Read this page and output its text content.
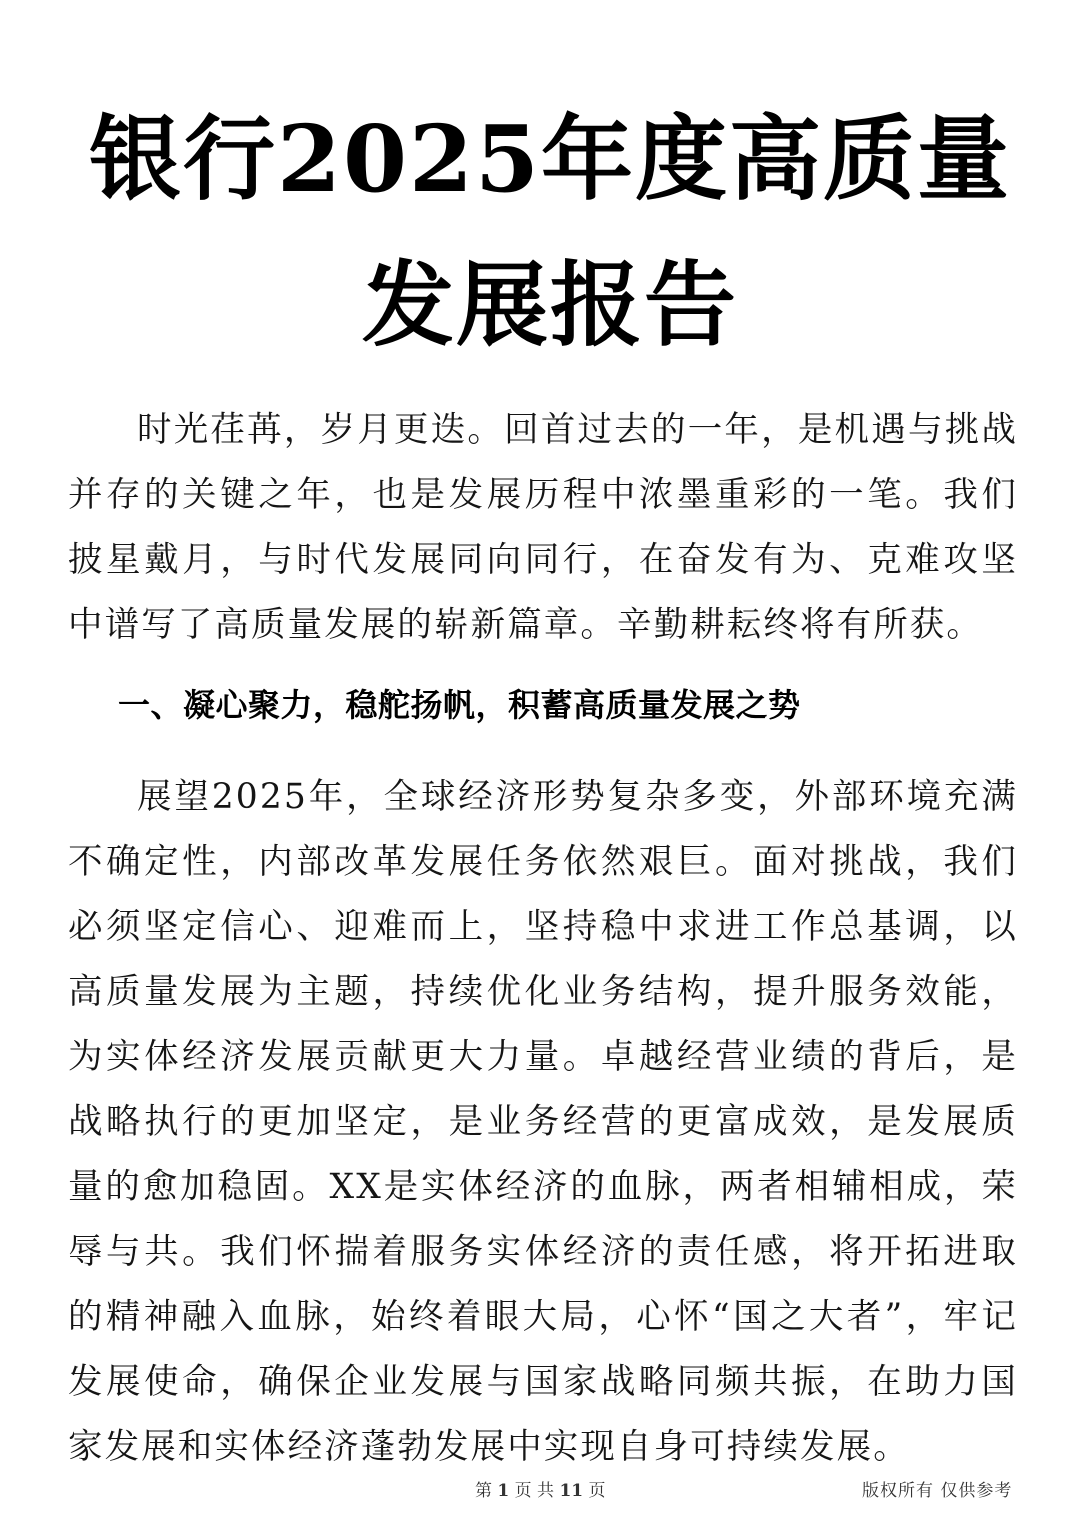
银行2025年度高质量发展报告

时光荏苒，岁月更迭。回首过去的一年，是机遇与挑战并存的关键之年，也是发展历程中浓墨重彩的一笔。我们披星戴月，与时代发展同向同行，在奋发有为、克难攻坚中谱写了高质量发展的崭新篇章。辛勤耕耘终将有所获。

一、凝心聚力，稳舵扬帆，积蓄高质量发展之势

展望2025年，全球经济形势复杂多变，外部环境充满不确定性，内部改革发展任务依然艰巨。面对挑战，我们必须坚定信心、迎难而上，坚持稳中求进工作总基调，以高质量发展为主题，持续优化业务结构，提升服务效能，为实体经济发展贡献更大力量。卓越经营业绩的背后，是战略执行的更加坚定，是业务经营的更富成效，是发展质量的愈加稳固。XX是实体经济的血脉，两者相辅相成，荣辱与共。我们怀揣着服务实体经济的责任感，将开拓进取的精神融入血脉，始终着眼大局，心怀“国之大者”，牢记发展使命，确保企业发展与国家战略同频共振，在助力国家发展和实体经济蓬勃发展中实现自身可持续发展。

第 1 页 共 11 页	版权所有 仅供参考
